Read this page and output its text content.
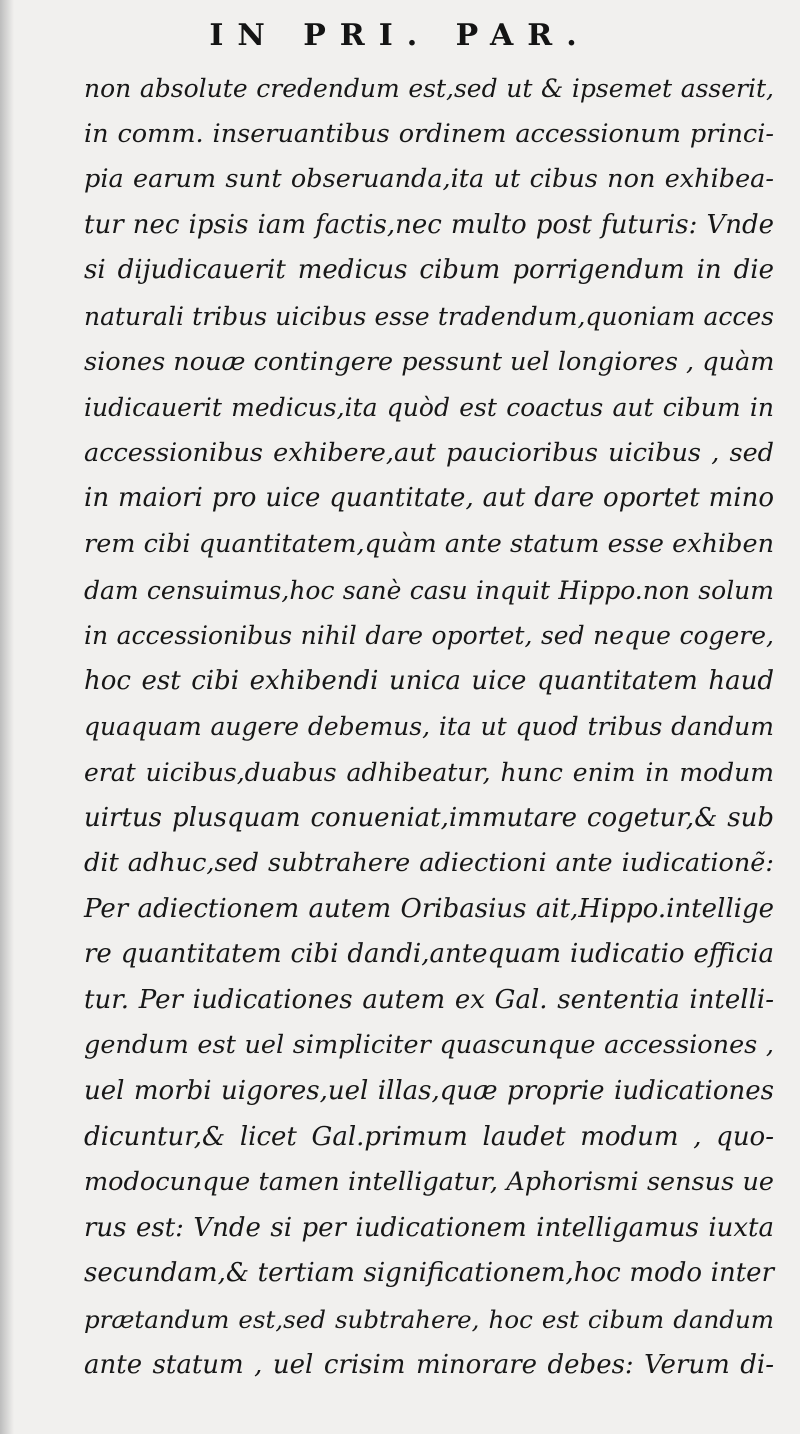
IN PRI. PAR.
non absolute credendum est,sed ut & ipsemet asserit,
in comm. inseruantibus ordinem accessionum princi-
pia earum sunt obseruanda,ita ut cibus non exhibea-
tur nec ipsis iam factis,nec multo post futuris: Vnde
si dijudicauerit medicus cibum porrigendum in die
naturali tribus uicibus esse tradendum,quoniam acces
siones nouæ contingere pessunt uel longiores , quàm
iudicauerit medicus,ita quòd est coactus aut cibum in
accessionibus exhibere,aut paucioribus uicibus , sed
in maiori pro uice quantitate, aut dare oportet mino
rem cibi quantitatem,quàm ante statum esse exhiben
dam censuimus,hoc sanè casu inquit Hippo.non solum
in accessionibus nihil dare oportet, sed neque cogere,
hoc est cibi exhibendi unica uice quantitatem haud
quaquam augere debemus, ita ut quod tribus dandum
erat uicibus,duabus adhibeatur, hunc enim in modum
uirtus plusquam conueniat,immutare cogetur,& sub
dit adhuc,sed subtrahere adiectioni ante iudicationẽ:
Per adiectionem autem Oribasius ait,Hippo.intellige
re quantitatem cibi dandi,antequam iudicatio efficia
tur. Per iudicationes autem ex Gal. sententia intelli-
gendum est uel simpliciter quascunque accessiones ,
uel morbi uigores,uel illas,quæ proprie iudicationes
dicuntur,& licet Gal.primum laudet modum , quo-
modocunque tamen intelligatur, Aphorismi sensus ue
rus est: Vnde si per iudicationem intelligamus iuxta
secundam,& tertiam significationem,hoc modo inter
prætandum est,sed subtrahere, hoc est cibum dandum
ante statum , uel crisim minorare debes: Verum di-
